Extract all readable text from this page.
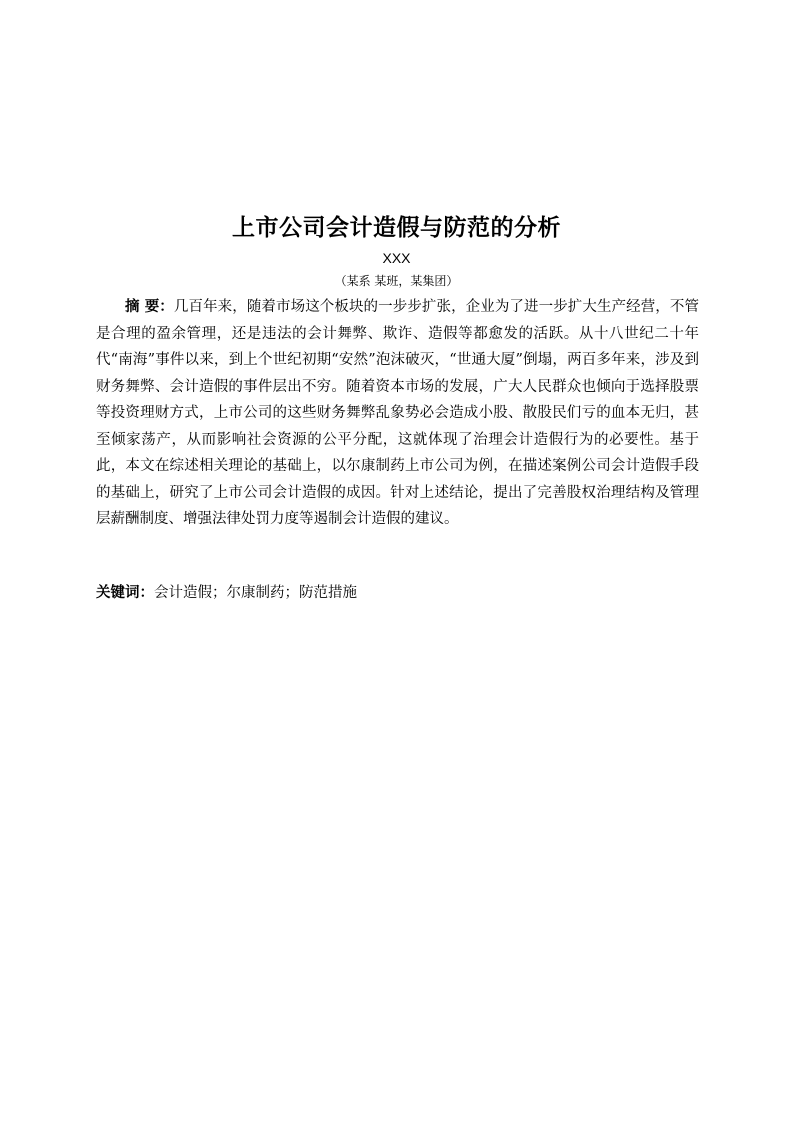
上市公司会计造假与防范的分析
XXX
（某系 某班，某集团）

摘 要：几百年来，随着市场这个板块的一步步扩张，企业为了进一步扩大生产经营，不管是合理的盈余管理，还是违法的会计舞弊、欺诈、造假等都愈发的活跃。从十八世纪二十年代“南海”事件以来，到上个世纪初期“安然”泡沫破灭，“世通大厦”倒塌，两百多年来，涉及到财务舞弊、会计造假的事件层出不穷。随着资本市场的发展，广大人民群众也倾向于选择股票等投资理财方式，上市公司的这些财务舞弊乱象势必会造成小股、散股民们亏的血本无归，甚至倾家荡产，从而影响社会资源的公平分配，这就体现了治理会计造假行为的必要性。基于此，本文在综述相关理论的基础上，以尔康制药上市公司为例，在描述案例公司会计造假手段的基础上，研究了上市公司会计造假的成因。针对上述结论，提出了完善股权治理结构及管理层薪酬制度、增强法律处罚力度等遏制会计造假的建议。

关键词：会计造假；尔康制药；防范措施
